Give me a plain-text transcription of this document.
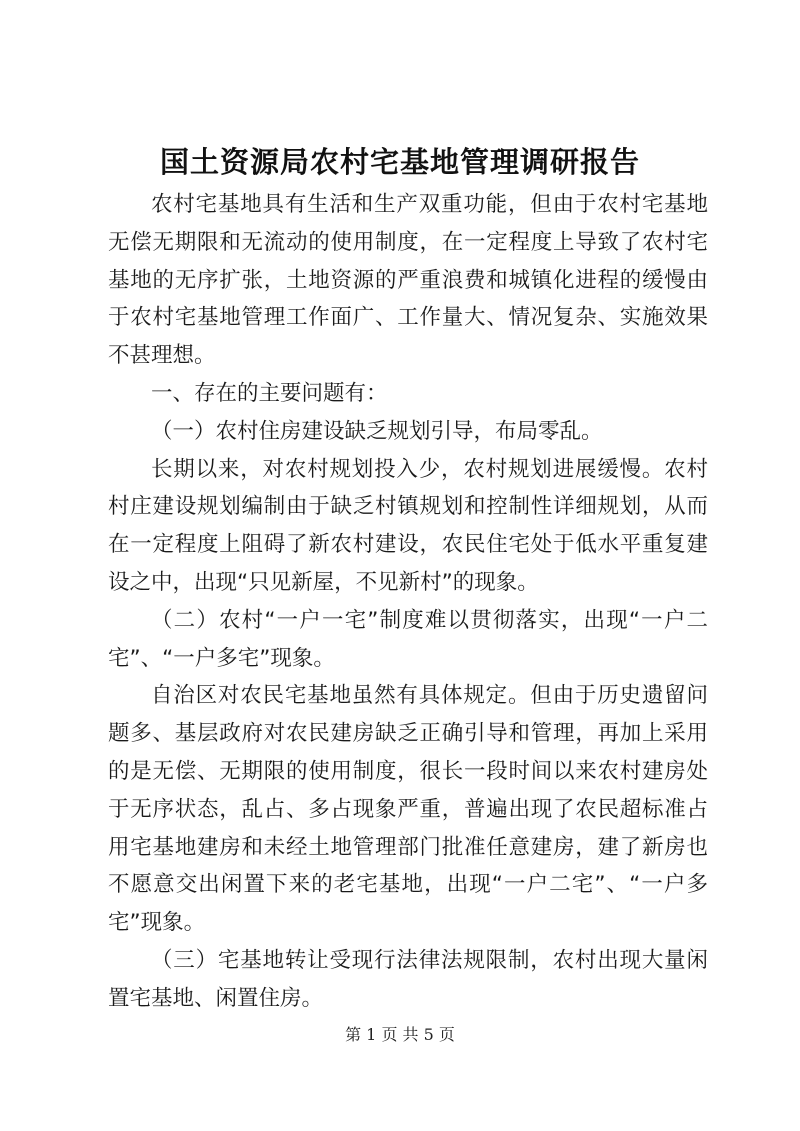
国土资源局农村宅基地管理调研报告

农村宅基地具有生活和生产双重功能，但由于农村宅基地无偿无期限和无流动的使用制度，在一定程度上导致了农村宅基地的无序扩张，土地资源的严重浪费和城镇化进程的缓慢由于农村宅基地管理工作面广、工作量大、情况复杂、实施效果不甚理想。

一、存在的主要问题有：

（一）农村住房建设缺乏规划引导，布局零乱。

长期以来，对农村规划投入少，农村规划进展缓慢。农村村庄建设规划编制由于缺乏村镇规划和控制性详细规划，从而在一定程度上阻碍了新农村建设，农民住宅处于低水平重复建设之中，出现“只见新屋，不见新村”的现象。

（二）农村“一户一宅”制度难以贯彻落实，出现“一户二宅”、“一户多宅”现象。

自治区对农民宅基地虽然有具体规定。但由于历史遗留问题多、基层政府对农民建房缺乏正确引导和管理，再加上采用的是无偿、无期限的使用制度，很长一段时间以来农村建房处于无序状态，乱占、多占现象严重，普遍出现了农民超标准占用宅基地建房和未经土地管理部门批准任意建房，建了新房也不愿意交出闲置下来的老宅基地，出现“一户二宅”、“一户多宅”现象。

（三）宅基地转让受现行法律法规限制，农村出现大量闲置宅基地、闲置住房。

第 1 页 共 5 页
